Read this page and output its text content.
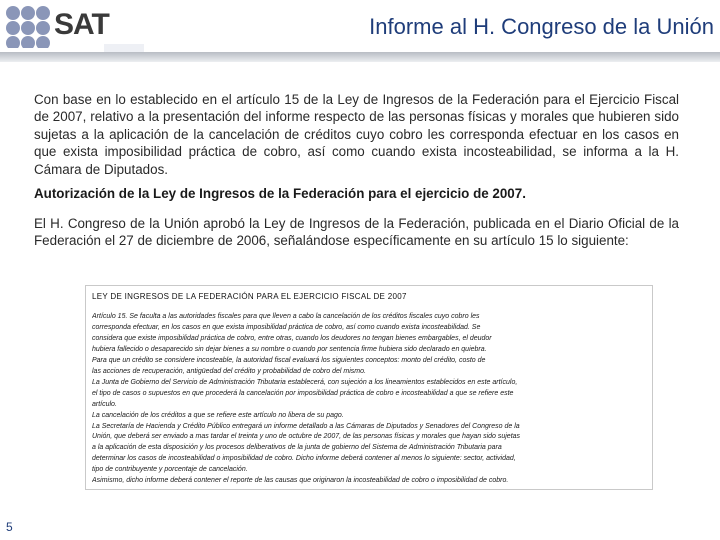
SAT	Informe al H. Congreso de la Unión
Con base en lo establecido en el artículo 15 de la Ley de Ingresos de la Federación para el Ejercicio Fiscal de 2007, relativo a la presentación del informe respecto de las personas físicas y morales que hubieren sido sujetas a la aplicación de la cancelación de créditos cuyo cobro les corresponda efectuar en los casos en que exista imposibilidad práctica de cobro, así como cuando exista incosteabilidad, se informa a la H. Cámara de Diputados.
Autorización de la Ley de Ingresos de la Federación para el ejercicio de 2007.
El H. Congreso de la Unión aprobó la Ley de Ingresos de la Federación, publicada en el Diario Oficial de la Federación el 27 de diciembre de 2006, señalándose específicamente en su artículo 15 lo siguiente:
LEY DE INGRESOS DE LA FEDERACIÓN PARA EL EJERCICIO FISCAL DE 2007
Artículo 15. Se faculta a las autoridades fiscales para que lleven a cabo la cancelación de los créditos fiscales cuyo cobro les
corresponda efectuar, en los casos en que exista imposibilidad práctica de cobro, así como cuando exista incosteabilidad. Se
considera que existe imposibilidad práctica de cobro, entre otras, cuando los deudores no tengan bienes embargables, el deudor
hubiera fallecido o desaparecido sin dejar bienes a su nombre o cuando por sentencia firme hubiera sido declarado en quiebra.
Para que un crédito se considere incosteable, la autoridad fiscal evaluará los siguientes conceptos: monto del crédito, costo de
las acciones de recuperación, antigüedad del crédito y probabilidad de cobro del mismo.
La Junta de Gobierno del Servicio de Administración Tributaria establecerá, con sujeción a los lineamientos establecidos en este artículo,
el tipo de casos o supuestos en que procederá la cancelación por imposibilidad práctica de cobro e incosteabilidad a que se refiere este
artículo.
La cancelación de los créditos a que se refiere este artículo no libera de su pago.
La Secretaría de Hacienda y Crédito Público entregará un informe detallado a las Cámaras de Diputados y Senadores del Congreso de la
Unión, que deberá ser enviado a mas tardar el treinta y uno de octubre de 2007, de las personas físicas y morales que hayan sido sujetas
a la aplicación de esta disposición y los procesos deliberativos de la junta de gobierno del Sistema de Administración Tributaria para
determinar los casos de incosteabilidad o imposibilidad de cobro. Dicho informe deberá contener al menos lo siguiente: sector, actividad,
tipo de contribuyente y porcentaje de cancelación.
Asimismo, dicho informe deberá contener el reporte de las causas que originaron la incosteabilidad de cobro o imposibilidad de cobro.
5
